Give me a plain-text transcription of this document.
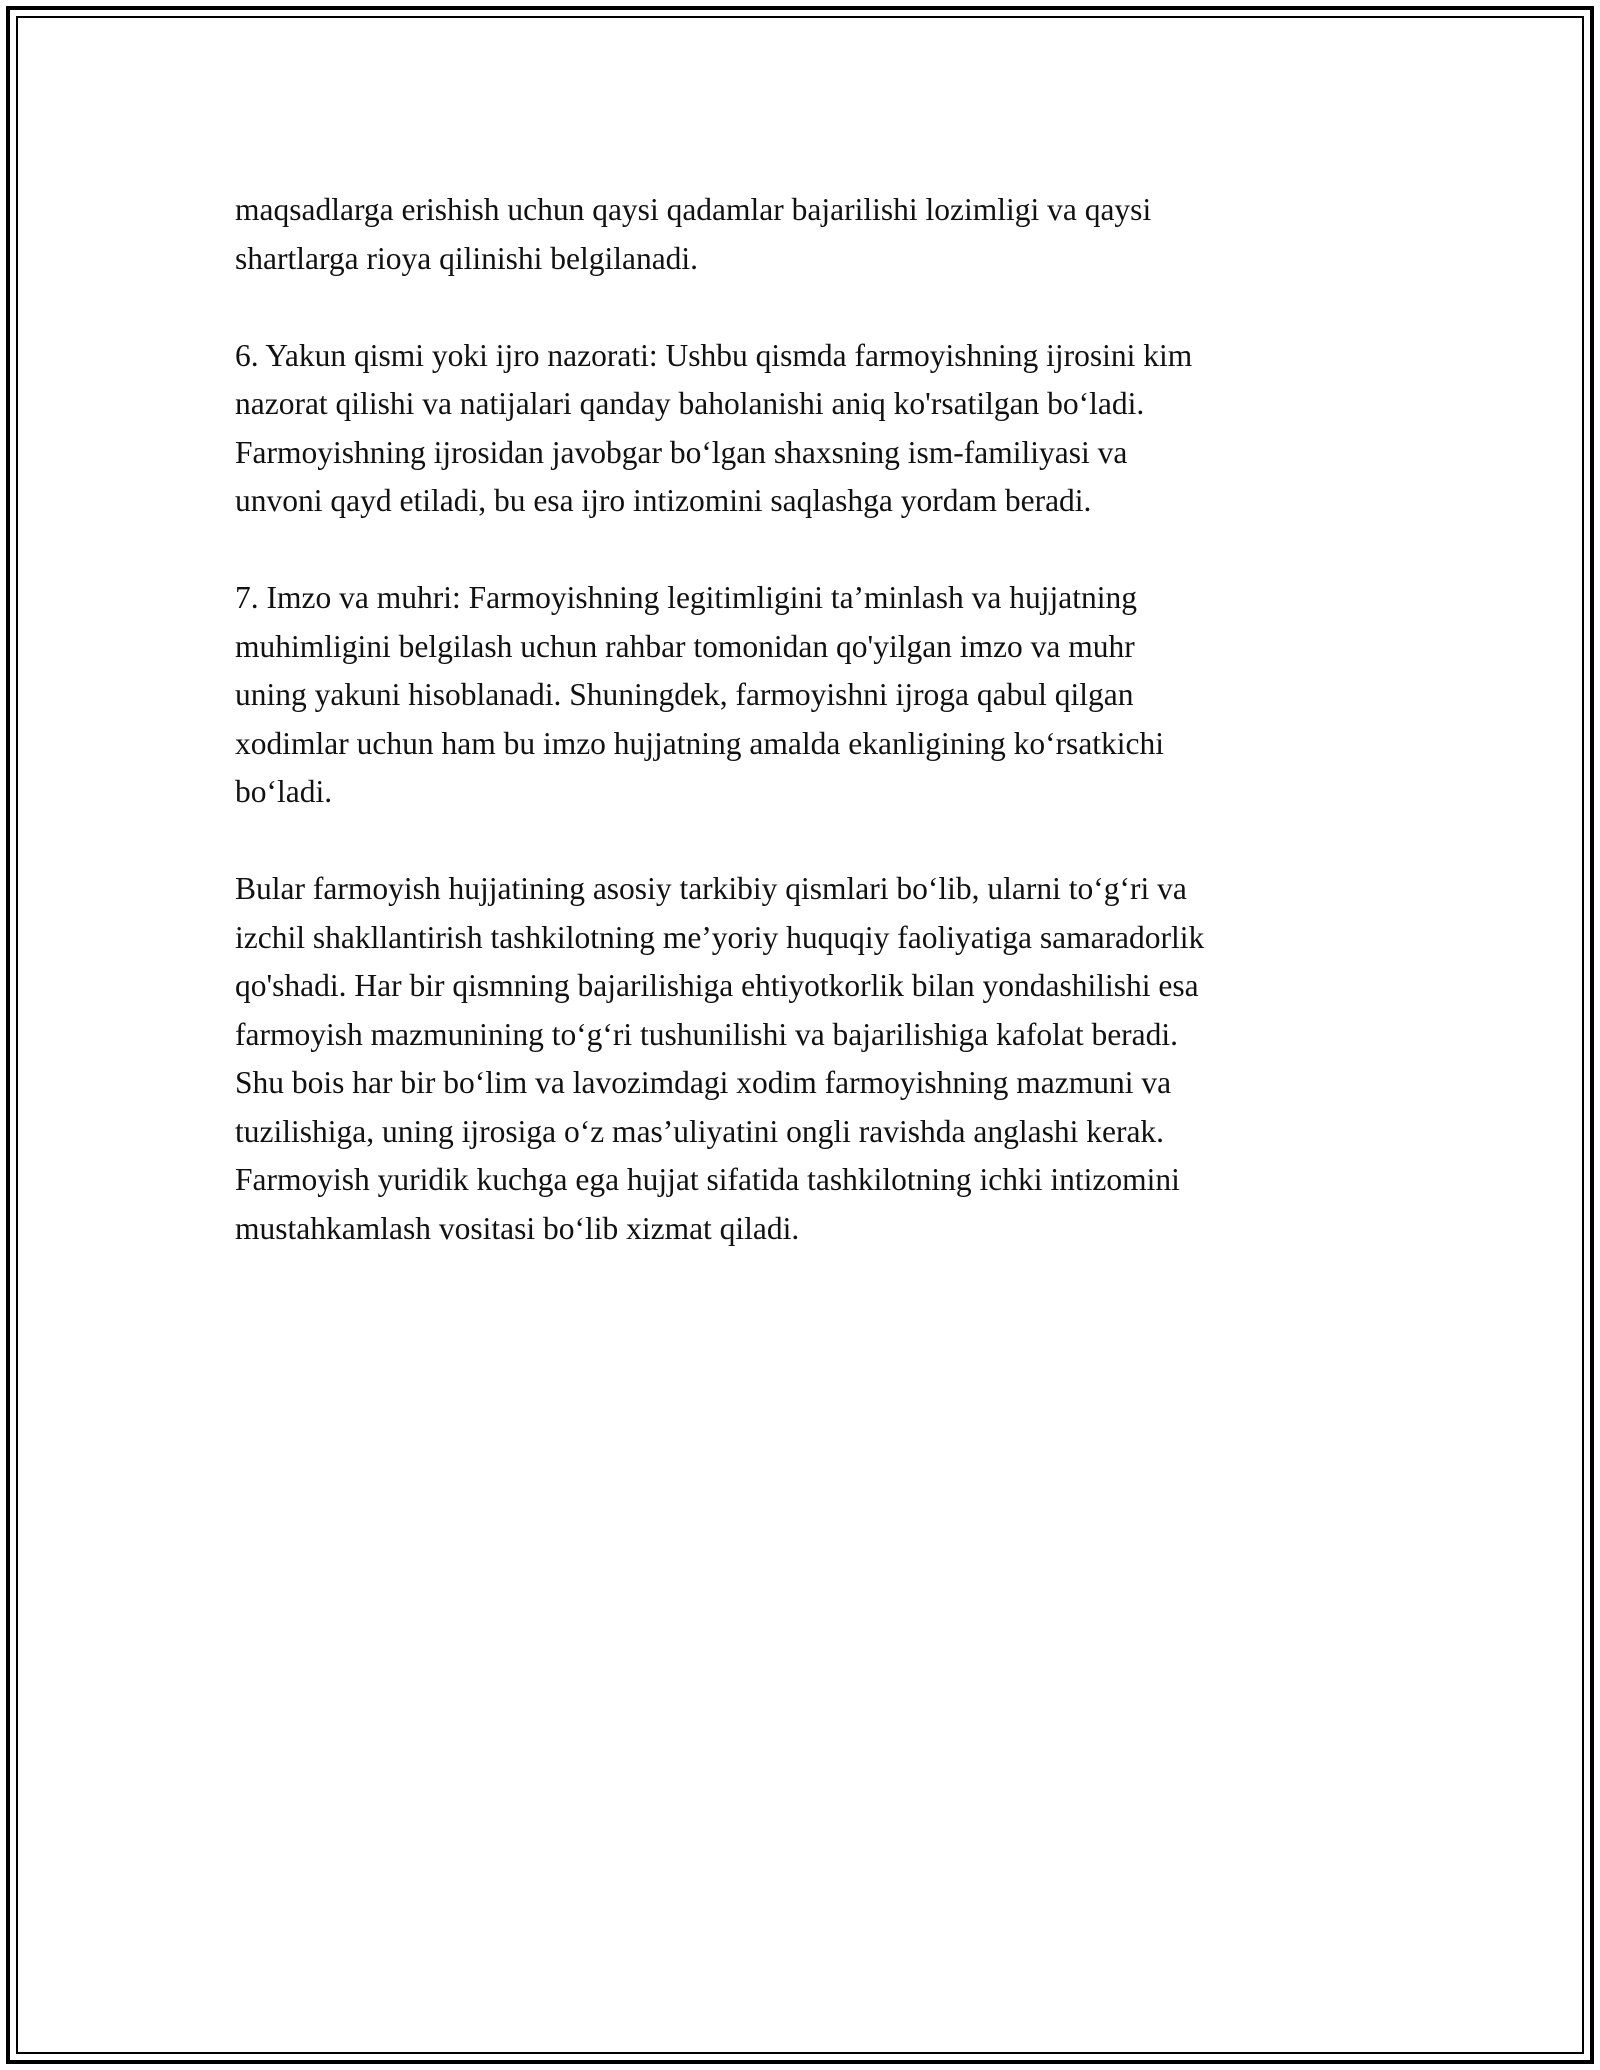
maqsadlarga erishish uchun qaysi qadamlar bajarilishi lozimligi va qaysi
shartlarga rioya qilinishi belgilanadi.

6. Yakun qismi yoki ijro nazorati: Ushbu qismda farmoyishning ijrosini kim
nazorat qilishi va natijalari qanday baholanishi aniq ko'rsatilgan bo‘ladi.
Farmoyishning ijrosidan javobgar bo‘lgan shaxsning ism-familiyasi va
unvoni qayd etiladi, bu esa ijro intizomini saqlashga yordam beradi.

7. Imzo va muhri: Farmoyishning legitimligini ta’minlash va hujjatning
muhimligini belgilash uchun rahbar tomonidan qo'yilgan imzo va muhr
uning yakuni hisoblanadi. Shuningdek, farmoyishni ijroga qabul qilgan
xodimlar uchun ham bu imzo hujjatning amalda ekanligining ko‘rsatkichi
bo‘ladi.

Bular farmoyish hujjatining asosiy tarkibiy qismlari bo‘lib, ularni to‘g‘ri va
izchil shakllantirish tashkilotning me’yoriy huquqiy faoliyatiga samaradorlik
qo'shadi. Har bir qismning bajarilishiga ehtiyotkorlik bilan yondashilishi esa
farmoyish mazmunining to‘g‘ri tushunilishi va bajarilishiga kafolat beradi.
Shu bois har bir bo‘lim va lavozimdagi xodim farmoyishning mazmuni va
tuzilishiga, uning ijrosiga o‘z mas’uliyatini ongli ravishda anglashi kerak.
Farmoyish yuridik kuchga ega hujjat sifatida tashkilotning ichki intizomini
mustahkamlash vositasi bo‘lib xizmat qiladi.
